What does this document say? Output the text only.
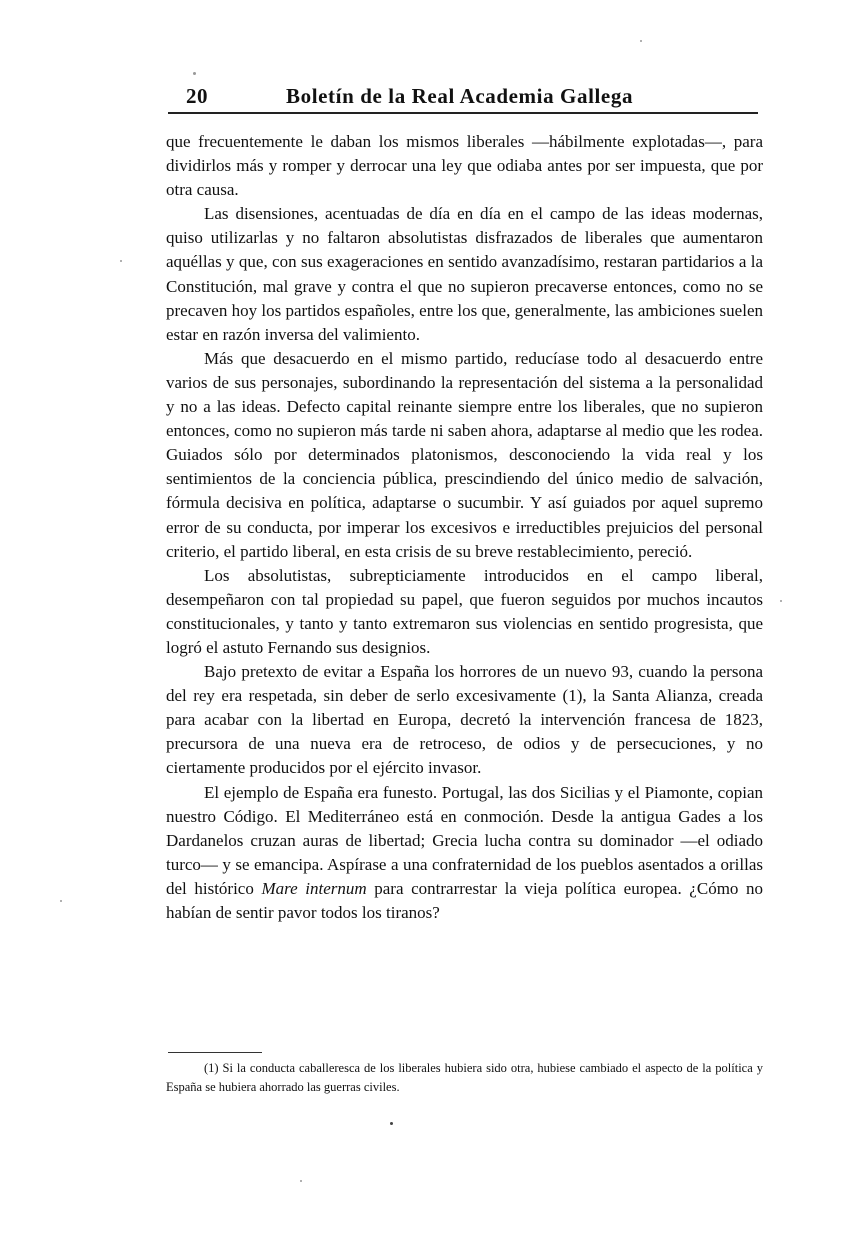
20	Boletín de la Real Academia Gallega

que frecuentemente le daban los mismos liberales —hábilmente explotadas—, para dividirlos más y romper y derrocar una ley que odiaba antes por ser impuesta, que por otra causa.

Las disensiones, acentuadas de día en día en el campo de las ideas modernas, quiso utilizarlas y no faltaron absolutistas disfrazados de liberales que aumentaron aquéllas y que, con sus exageraciones en sentido avanzadísimo, restaran partidarios a la Constitución, mal grave y contra el que no supieron precaverse entonces, como no se precaven hoy los partidos españoles, entre los que, generalmente, las ambiciones suelen estar en razón inversa del valimiento.

Más que desacuerdo en el mismo partido, reducíase todo al desacuerdo entre varios de sus personajes, subordinando la representación del sistema a la personalidad y no a las ideas. Defecto capital reinante siempre entre los liberales, que no supieron entonces, como no supieron más tarde ni saben ahora, adaptarse al medio que les rodea. Guiados sólo por determinados platonismos, desconociendo la vida real y los sentimientos de la conciencia pública, prescindiendo del único medio de salvación, fórmula decisiva en política, adaptarse o sucumbir. Y así guiados por aquel supremo error de su conducta, por imperar los excesivos e irreductibles prejuicios del personal criterio, el partido liberal, en esta crisis de su breve restablecimiento, pereció.

Los absolutistas, subrepticiamente introducidos en el campo liberal, desempeñaron con tal propiedad su papel, que fueron seguidos por muchos incautos constitucionales, y tanto y tanto extremaron sus violencias en sentido progresista, que logró el astuto Fernando sus designios.

Bajo pretexto de evitar a España los horrores de un nuevo 93, cuando la persona del rey era respetada, sin deber de serlo excesivamente (1), la Santa Alianza, creada para acabar con la libertad en Europa, decretó la intervención francesa de 1823, precursora de una nueva era de retroceso, de odios y de persecuciones, y no ciertamente producidos por el ejército invasor.

El ejemplo de España era funesto. Portugal, las dos Sicilias y el Piamonte, copian nuestro Código. El Mediterráneo está en conmoción. Desde la antigua Gades a los Dardanelos cruzan auras de libertad; Grecia lucha contra su dominador —el odiado turco— y se emancipa. Aspírase a una confraternidad de los pueblos asentados a orillas del histórico Mare internum para contrarrestar la vieja política europea. ¿Cómo no habían de sentir pavor todos los tiranos?

(1) Si la conducta caballeresca de los liberales hubiera sido otra, hubiese cambiado el aspecto de la política y España se hubiera ahorrado las guerras civiles.
